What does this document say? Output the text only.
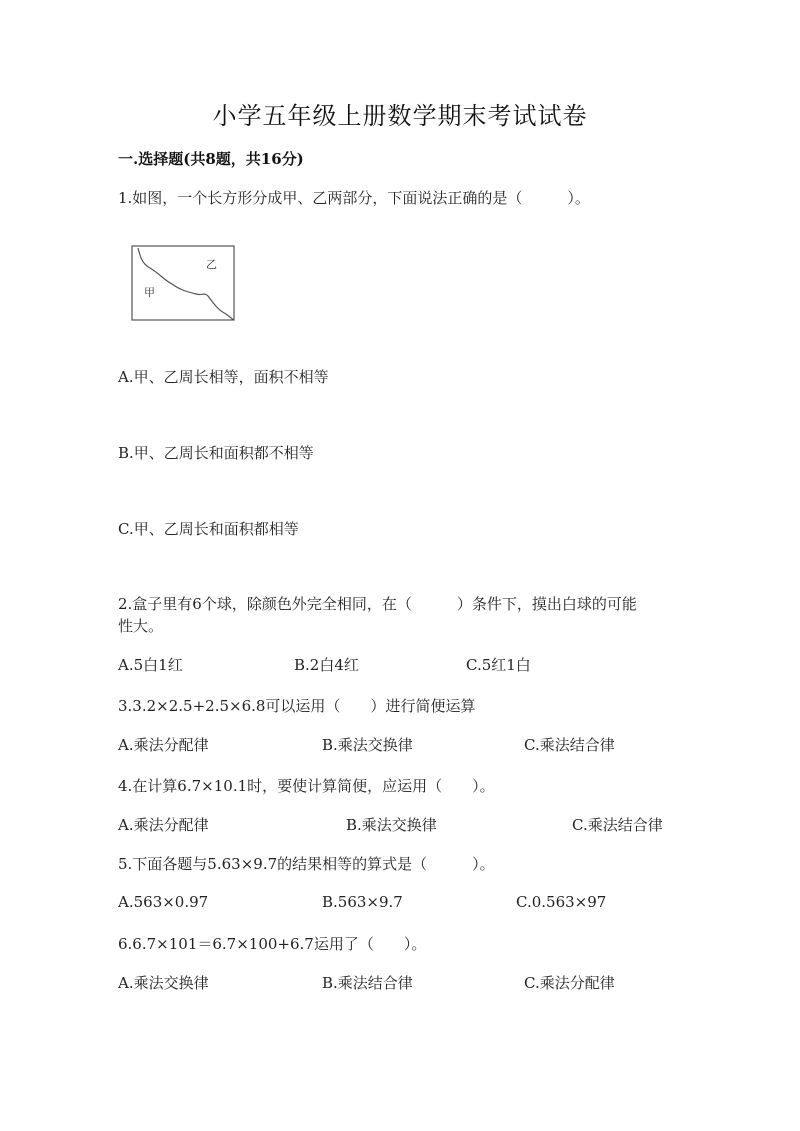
小学五年级上册数学期末考试试卷
一.选择题(共8题，共16分)
1.如图，一个长方形分成甲、乙两部分，下面说法正确的是（　　　）。
乙
甲
A.甲、乙周长相等，面积不相等
B.甲、乙周长和面积都不相等
C.甲、乙周长和面积都相等
2.盒子里有6个球，除颜色外完全相同，在（　　　）条件下，摸出白球的可能
性大。
A.5白1红	B.2白4红	C.5红1白
3.3.2×2.5+2.5×6.8可以运用（　　）进行简便运算
A.乘法分配律	B.乘法交换律	C.乘法结合律
4.在计算6.7×10.1时，要使计算简便，应运用（　　）。
A.乘法分配律	B.乘法交换律	C.乘法结合律
5.下面各题与5.63×9.7的结果相等的算式是（　　　）。
A.563×0.97	B.563×9.7	C.0.563×97
6.6.7×101＝6.7×100+6.7运用了（　　）。
A.乘法交换律	B.乘法结合律	C.乘法分配律
